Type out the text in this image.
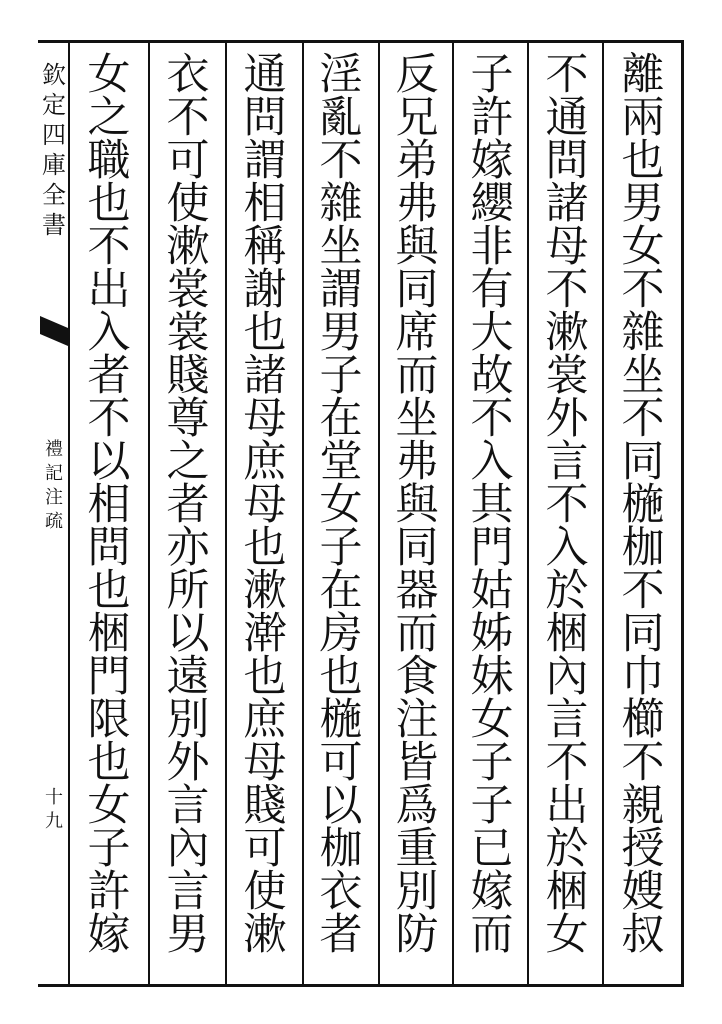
欽
定
四
庫
全
書
禮
記
注
疏
十
九
離
兩
也
男
女
不
雜
坐
不
同
椸
枷
不
同
巾
櫛
不
親
授
嫂
叔
不
通
問
諸
母
不
漱
裳
外
言
不
入
於
梱
內
言
不
出
於
梱
女
子
許
嫁
纓
非
有
大
故
不
入
其
門
姑
姊
妹
女
子
子
已
嫁
而
反
兄
弟
弗
與
同
席
而
坐
弗
與
同
器
而
食
注
皆
爲
重
別
防
淫
亂
不
雜
坐
謂
男
子
在
堂
女
子
在
房
也
椸
可
以
枷
衣
者
通
問
謂
相
稱
謝
也
諸
母
庶
母
也
漱
澣
也
庶
母
賤
可
使
漱
衣
不
可
使
漱
裳
裳
賤
尊
之
者
亦
所
以
遠
別
外
言
內
言
男
女
之
職
也
不
出
入
者
不
以
相
問
也
梱
門
限
也
女
子
許
嫁
